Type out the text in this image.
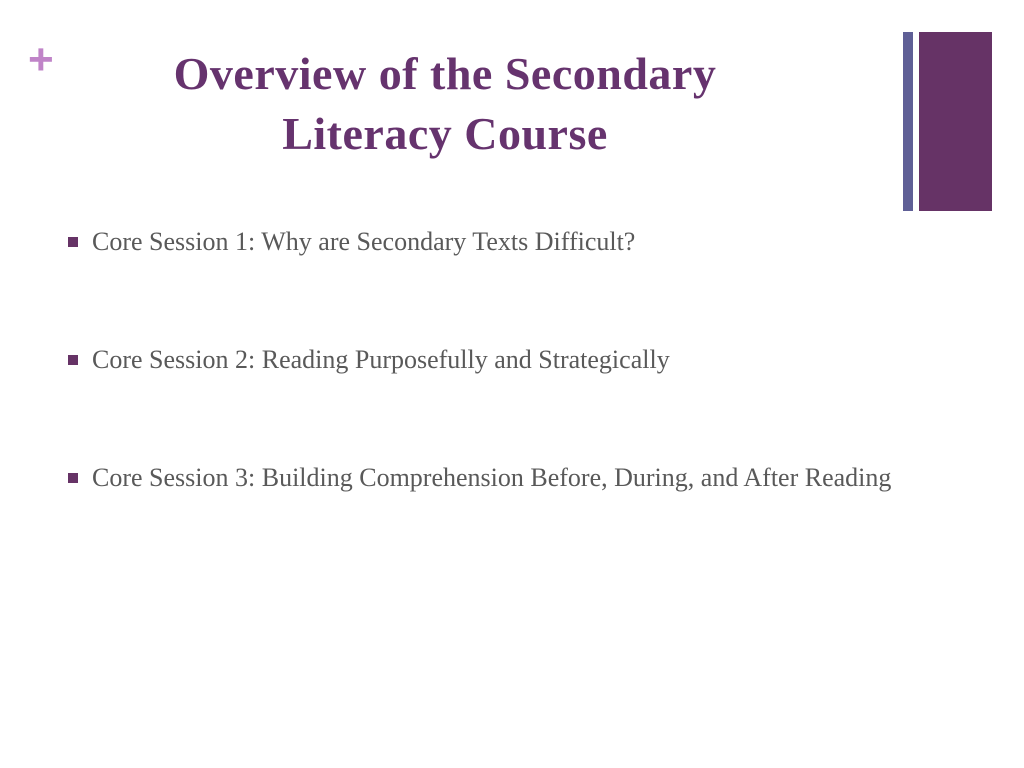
+	Overview of the Secondary Literacy Course
Core Session 1: Why are Secondary Texts Difficult?
Core Session 2: Reading Purposefully and Strategically
Core Session 3: Building Comprehension Before, During, and After Reading
